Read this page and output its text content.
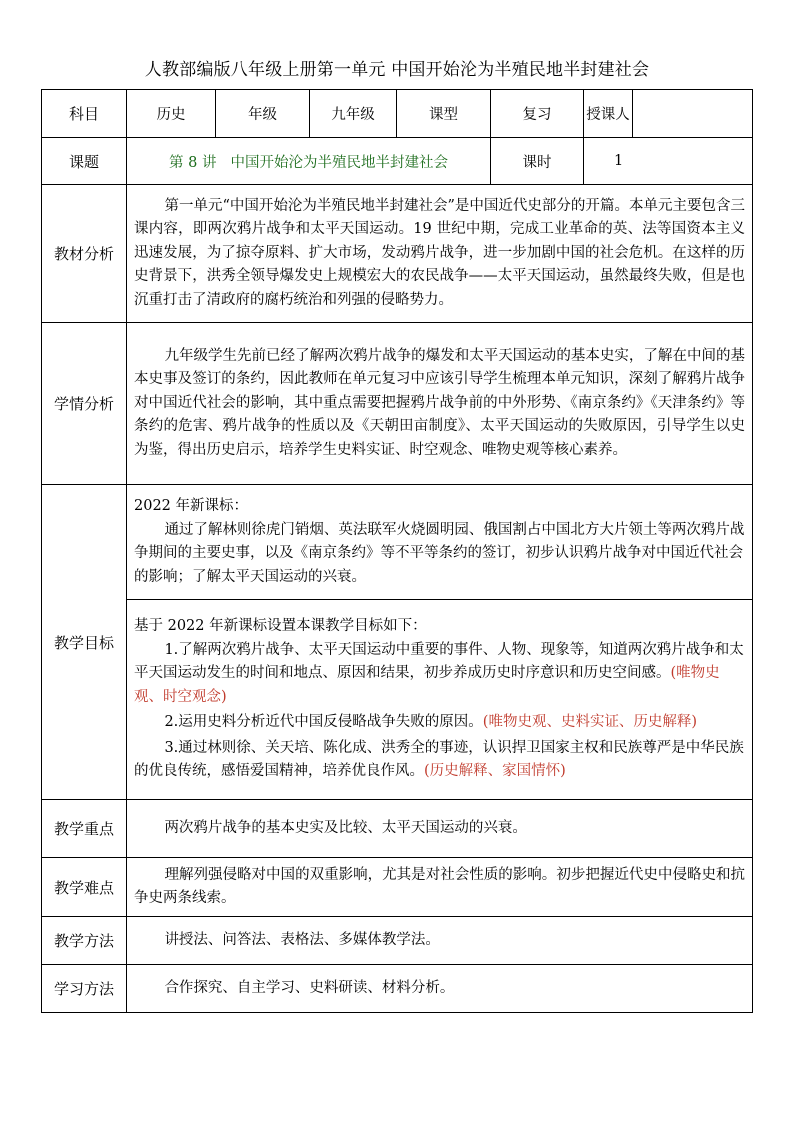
人教部编版八年级上册第一单元 中国开始沦为半殖民地半封建社会
科目	历史	年级	九年级	课型	复习	授课人	
课题	第 8 讲 中国开始沦为半殖民地半封建社会				课时	1	
教材分析	第一单元“中国开始沦为半殖民地半封建社会”是中国近代史部分的开篇。本单元主要包含三课内容，即两次鸦片战争和太平天国运动。19 世纪中期，完成工业革命的英、法等国资本主义迅速发展，为了掠夺原料、扩大市场，发动鸦片战争，进一步加剧中国的社会危机。在这样的历史背景下，洪秀全领导爆发史上规模宏大的农民战争——太平天国运动，虽然最终失败，但是也沉重打击了清政府的腐朽统治和列强的侵略势力。						

学情分析	九年级学生先前已经了解两次鸦片战争的爆发和太平天国运动的基本史实，了解在中间的基本史事及签订的条约，因此教师在单元复习中应该引导学生梳理本单元知识，深刻了解鸦片战争对中国近代社会的影响，其中重点需要把握鸦片战争前的中外形势、《南京条约》《天津条约》等条约的危害、鸦片战争的性质以及《天朝田亩制度》、太平天国运动的失败原因，引导学生以史为鉴，得出历史启示，培养学生史料实证、时空观念、唯物史观等核心素养。						

教学目标	2022 年新课标：

通过了解林则徐虎门销烟、英法联军火烧圆明园、俄国割占中国北方大片领土等两次鸦片战争期间的主要史事，以及《南京条约》等不平等条约的签订，初步认识鸦片战争对中国近代社会的影响；了解太平天国运动的兴衰。						

	基于 2022 年新课标设置本课教学目标如下：

1.了解两次鸦片战争、太平天国运动中重要的事件、人物、现象等，知道两次鸦片战争和太平天国运动发生的时间和地点、原因和结果，初步养成历史时序意识和历史空间感。(唯物史观、时空观念)

2.运用史料分析近代中国反侵略战争失败的原因。(唯物史观、史料实证、历史解释)

3.通过林则徐、关天培、陈化成、洪秀全的事迹，认识捍卫国家主权和民族尊严是中华民族的优良传统，感悟爱国精神，培养优良作风。(历史解释、家国情怀)						

教学重点	两次鸦片战争的基本史实及比较、太平天国运动的兴衰。						

教学难点	理解列强侵略对中国的双重影响，尤其是对社会性质的影响。初步把握近代史中侵略史和抗争史两条线索。						

教学方法	讲授法、问答法、表格法、多媒体教学法。						

学习方法	合作探究、自主学习、史料研读、材料分析。						
